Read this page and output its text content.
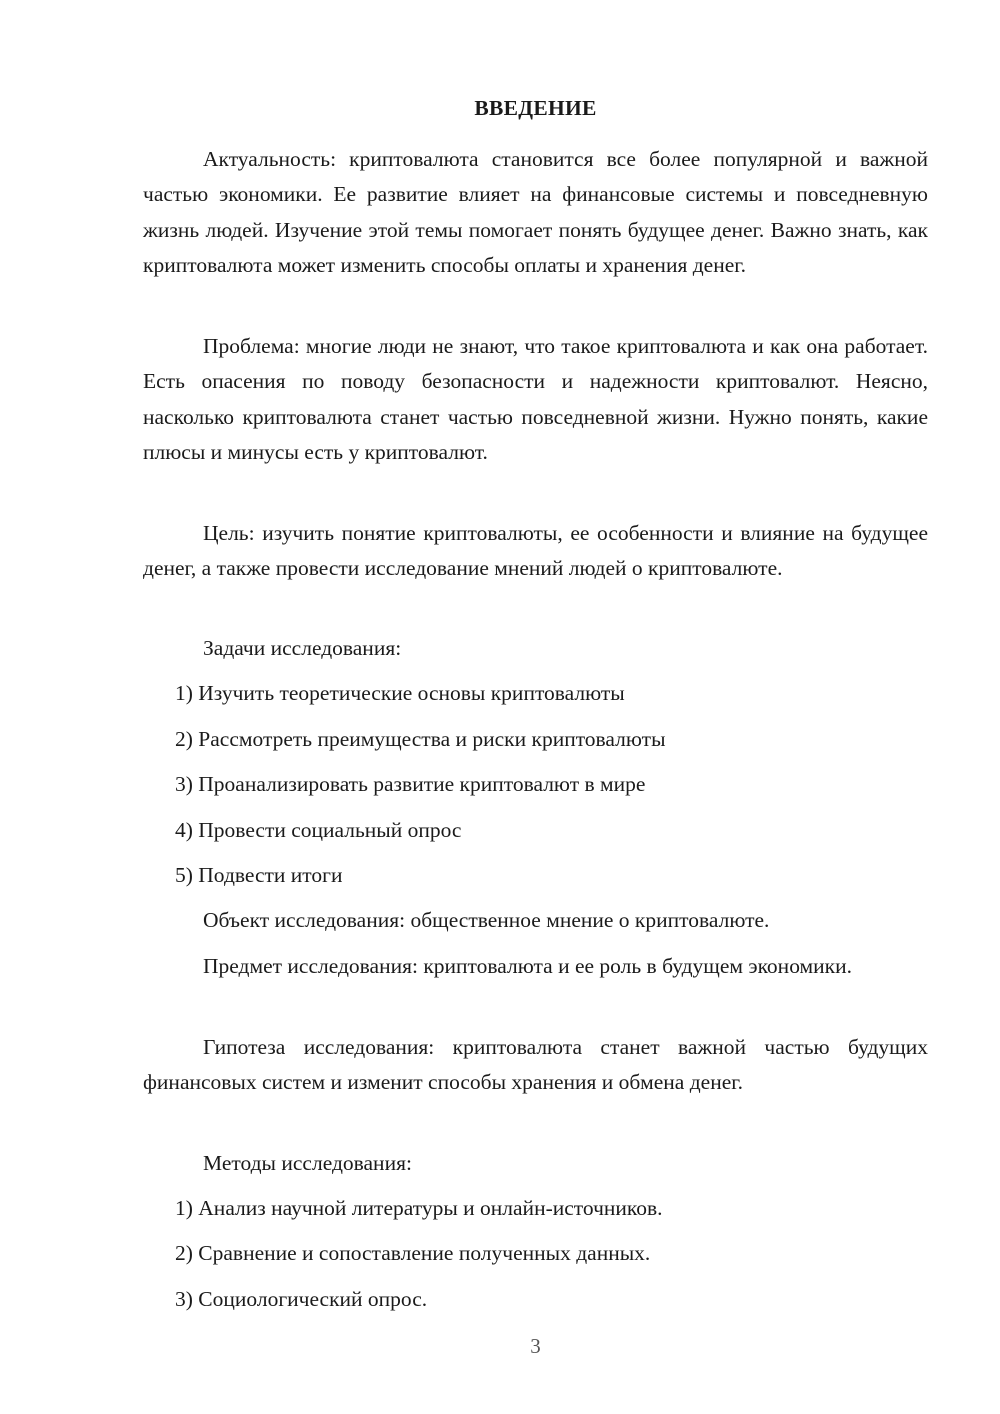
ВВЕДЕНИЕ

Актуальность: криптовалюта становится все более популярной и важной частью экономики. Ее развитие влияет на финансовые системы и повседневную жизнь людей. Изучение этой темы помогает понять будущее денег. Важно знать, как криптовалюта может изменить способы оплаты и хранения денег.

Проблема: многие люди не знают, что такое криптовалюта и как она работает. Есть опасения по поводу безопасности и надежности криптовалют. Неясно, насколько криптовалюта станет частью повседневной жизни. Нужно понять, какие плюсы и минусы есть у криптовалют.

Цель: изучить понятие криптовалюты, ее особенности и влияние на будущее денег, а также провести исследование мнений людей о криптовалюте.

Задачи исследования:

1) Изучить теоретические основы криптовалюты

2) Рассмотреть преимущества и риски криптовалюты

3) Проанализировать развитие криптовалют в мире

4) Провести социальный опрос

5) Подвести итоги

Объект исследования: общественное мнение о криптовалюте.

Предмет исследования: криптовалюта и ее роль в будущем экономики.

Гипотеза исследования: криптовалюта станет важной частью будущих финансовых систем и изменит способы хранения и обмена денег.

Методы исследования:

1) Анализ научной литературы и онлайн-источников.

2) Сравнение и сопоставление полученных данных.

3) Социологический опрос.

3
